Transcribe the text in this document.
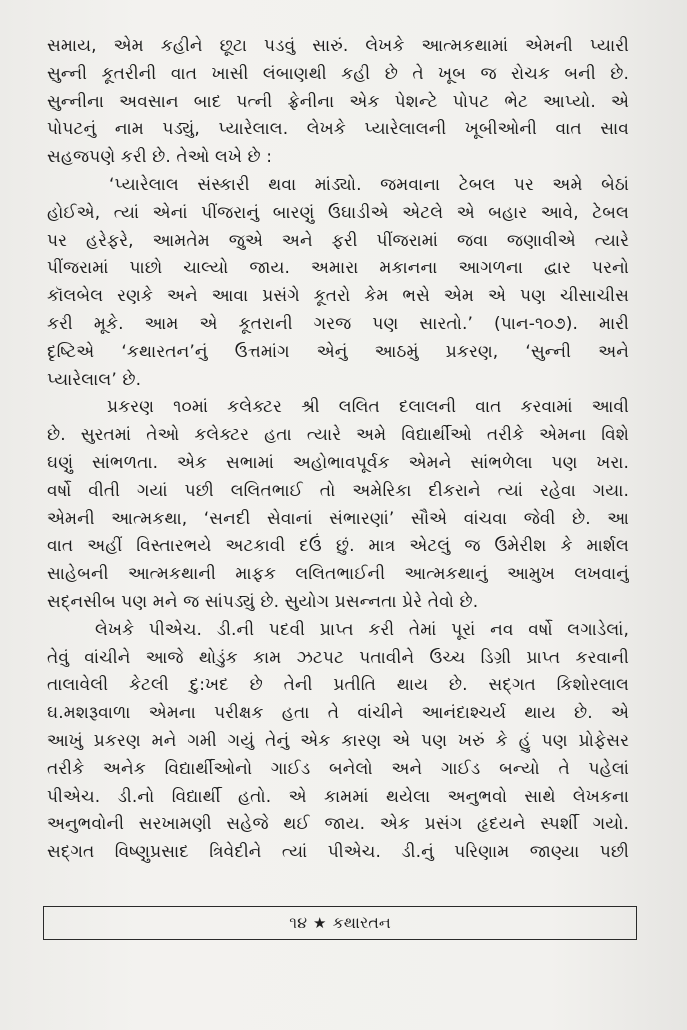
સમાય, એમ કહીને છૂટા પડવું સારું. લેખકે આત્મકથામાં એમની પ્યારી
સુન્ની કૂતરીની વાત ખાસી લંબાણથી કહી છે તે ખૂબ જ રોચક બની છે.
સુન્નીના અવસાન બાદ પત્ની ફ્રેનીના એક પેશન્ટે પોપટ ભેટ આપ્યો. એ
પોપટનું નામ પડ્યું, પ્યારેલાલ. લેખકે પ્યારેલાલની ખૂબીઓની વાત સાવ
સહજપણે કરી છે. તેઓ લખે છે :
‘પ્યારેલાલ સંસ્કારી થવા માંડ્યો. જમવાના ટેબલ પર અમે બેઠાં
હોઈએ, ત્યાં એનાં પીંજરાનું બારણું ઉઘાડીએ એટલે એ બહાર આવે, ટેબલ
પર હરેફરે, આમતેમ જુએ અને ફરી પીંજરામાં જવા જણાવીએ ત્યારે
પીંજરામાં પાછો ચાલ્યો જાય. અમારા મકાનના આગળના દ્વાર પરનો
કૉલબેલ રણકે અને આવા પ્રસંગે કૂતરો કેમ ભસે એમ એ પણ ચીસાચીસ
કરી મૂકે. આમ એ કૂતરાની ગરજ પણ સારતો.’ (પાન-૧૦૭). મારી
દૃષ્ટિએ ‘કથારતન’નું ઉત્તમાંગ એનું આઠમું પ્રકરણ, ‘સુન્ની અને
પ્યારેલાલ’ છે.
પ્રકરણ ૧૦માં કલેક્ટર શ્રી લલિત દલાલની વાત કરવામાં આવી
છે. સુરતમાં તેઓ કલેક્ટર હતા ત્યારે અમે વિદ્યાર્થીઓ તરીકે એમના વિશે
ઘણું સાંભળતા. એક સભામાં અહોભાવપૂર્વક એમને સાંભળેલા પણ ખરા.
વર્ષો વીતી ગયાં પછી લલિતભાઈ તો અમેરિકા દીકરાને ત્યાં રહેવા ગયા.
એમની આત્મકથા, ‘સનદી સેવાનાં સંભારણાં’ સૌએ વાંચવા જેવી છે. આ
વાત અહીં વિસ્તારભયે અટકાવી દઉં છું. માત્ર એટલું જ ઉમેરીશ કે માર્શલ
સાહેબની આત્મકથાની માફક લલિતભાઈની આત્મકથાનું આમુખ લખવાનું
સદ્‌નસીબ પણ મને જ સાંપડ્યું છે. સુયોગ પ્રસન્નતા પ્રેરે તેવો છે.
લેખકે પીએચ. ડી.ની પદવી પ્રાપ્ત કરી તેમાં પૂરાં નવ વર્ષો લગાડેલાં,
તેવું વાંચીને આજે થોડુંક કામ ઝટપટ પતાવીને ઉચ્ચ ડિગ્રી પ્રાપ્ત કરવાની
તાલાવેલી કેટલી દુ:ખદ છે તેની પ્રતીતિ થાય છે. સદ્‌ગત કિશોરલાલ
ઘ.મશરૂવાળા એમના પરીક્ષક હતા તે વાંચીને આનંદાશ્ચર્ય થાય છે. એ
આખું પ્રકરણ મને ગમી ગયું તેનું એક કારણ એ પણ ખરું કે હું પણ પ્રોફેસર
તરીકે અનેક વિદ્યાર્થીઓનો ગાઈડ બનેલો અને ગાઈડ બન્યો તે પહેલાં
પીએચ. ડી.નો વિદ્યાર્થી હતો. એ કામમાં થયેલા અનુભવો સાથે લેખકના
અનુભવોની સરખામણી સહેજે થઈ જાય. એક પ્રસંગ હૃદયને સ્પર્શી ગયો.
સદ્‌ગત વિષ્ણુપ્રસાદ ત્રિવેદીને ત્યાં પીએચ. ડી.નું પરિણામ જાણ્યા પછી
૧૪ ★ કથારતન
